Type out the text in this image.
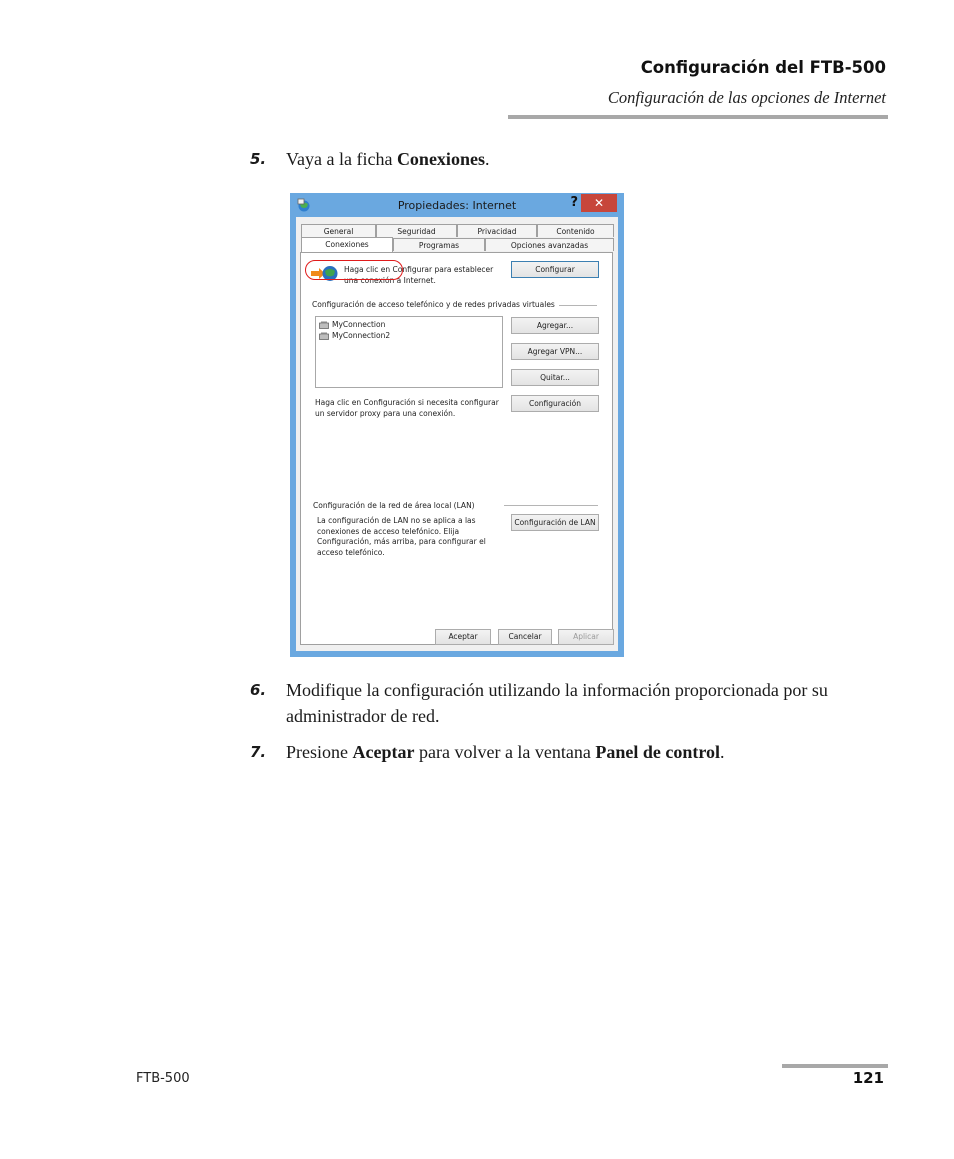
Configuración del FTB-500
Configuración de las opciones de Internet
5. Vaya a la ficha Conexiones.
Propiedades: Internet	?	✕
General	Seguridad	Privacidad	Contenido
Conexiones	Programas	Opciones avanzadas
Haga clic en Configurar para establecer
una conexión a Internet.
Configurar
Configuración de acceso telefónico y de redes privadas virtuales
MyConnection
MyConnection2
Agregar...
Agregar VPN...
Quitar...
Configuración
Haga clic en Configuración si necesita configurar
un servidor proxy para una conexión.
Configuración de la red de área local (LAN)
La configuración de LAN no se aplica a las
conexiones de acceso telefónico. Elija
Configuración, más arriba, para configurar el
acceso telefónico.
Configuración de LAN
Aceptar	Cancelar	Aplicar
6. Modifique la configuración utilizando la información proporcionada por su administrador de red.
7. Presione Aceptar para volver a la ventana Panel de control.
FTB-500	121
